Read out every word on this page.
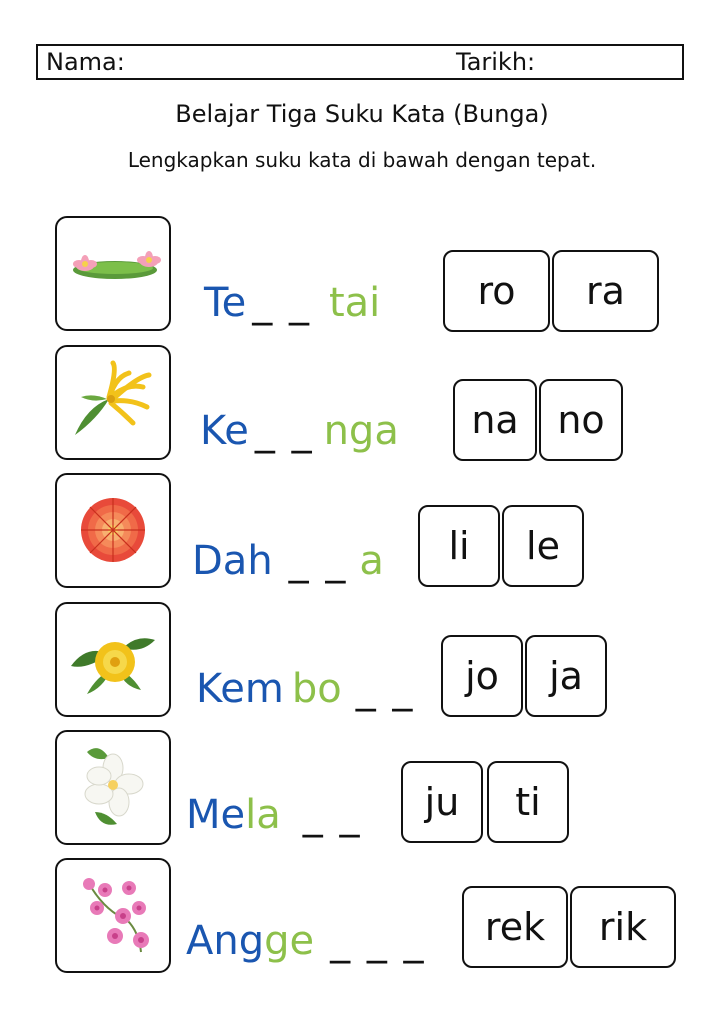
Nama:	Tarikh:
Belajar Tiga Suku Kata (Bunga)
Lengkapkan suku kata di bawah dengan tepat.
Te _ _ tai	ro	ra
Ke _ _ nga	na	no
Dah _ _ a	li	le
Kem bo _ _	jo	ja
Mela _ _	ju	ti
Angge _ _ _	rek	rik
